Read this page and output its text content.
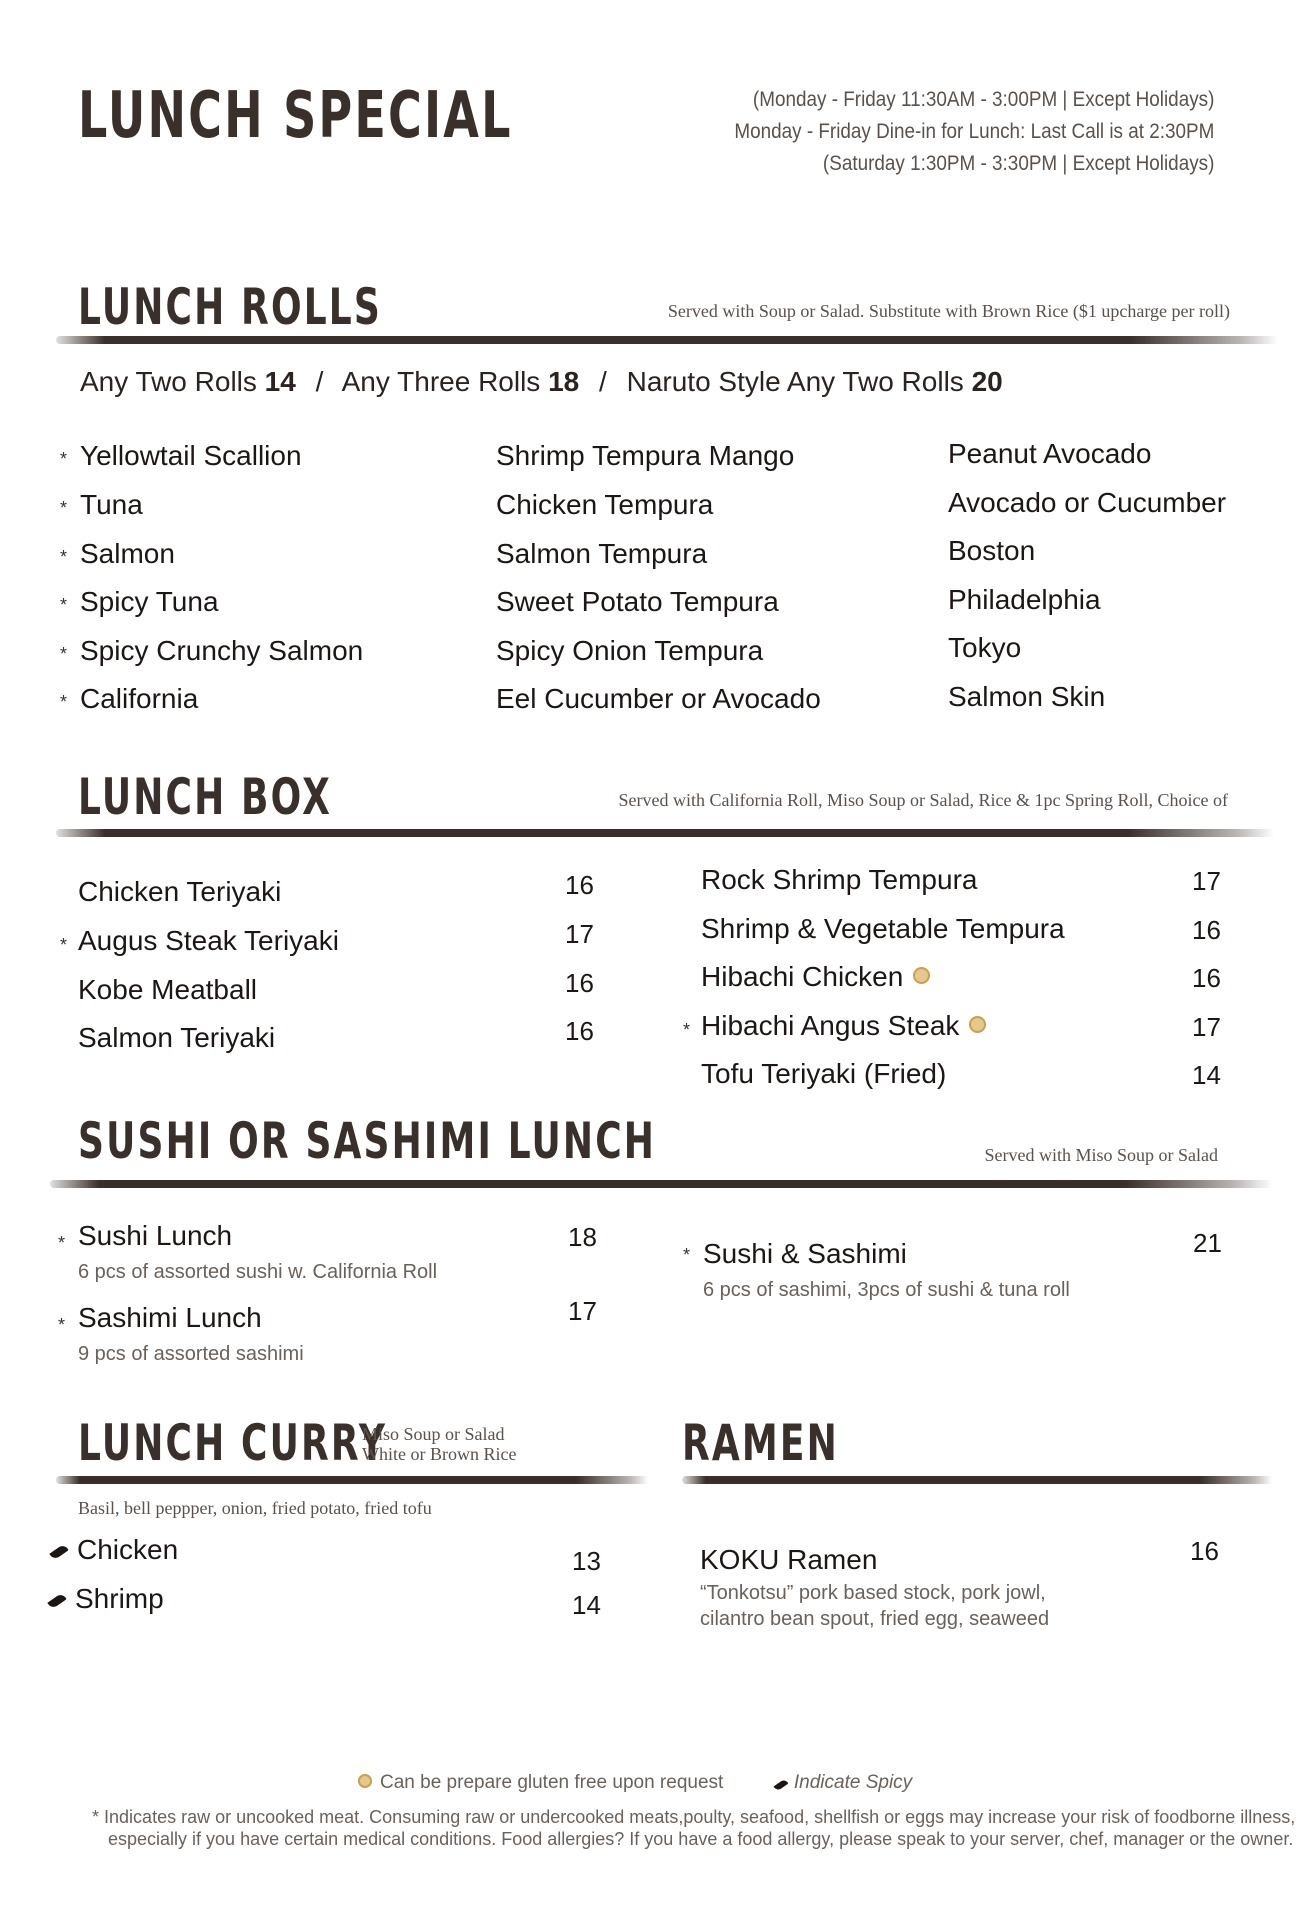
LUNCH SPECIAL	(Monday - Friday 11:30AM - 3:00PM | Except Holidays)
Monday - Friday Dine-in for Lunch: Last Call is at 2:30PM
(Saturday 1:30PM - 3:30PM | Except Holidays)
LUNCH ROLLS	Served with Soup or Salad. Substitute with Brown Rice ($1 upcharge per roll)
Any Two Rolls 14 / Any Three Rolls 18 / Naruto Style Any Two Rolls 20
* Yellowtail Scallion
* Tuna
* Salmon
* Spicy Tuna
* Spicy Crunchy Salmon
* California
Shrimp Tempura Mango
Chicken Tempura
Salmon Tempura
Sweet Potato Tempura
Spicy Onion Tempura
Eel Cucumber or Avocado
Peanut Avocado
Avocado or Cucumber
Boston
Philadelphia
Tokyo
Salmon Skin
LUNCH BOX	Served with California Roll, Miso Soup or Salad, Rice & 1pc Spring Roll, Choice of
Chicken Teriyaki	16
* Augus Steak Teriyaki	17
Kobe Meatball	16
Salmon Teriyaki	16
Rock Shrimp Tempura	17
Shrimp & Vegetable Tempura	16
Hibachi Chicken	16
* Hibachi Angus Steak	17
Tofu Teriyaki (Fried)	14
SUSHI OR SASHIMI LUNCH	Served with Miso Soup or Salad
* Sushi Lunch	18
6 pcs of assorted sushi w. California Roll
* Sashimi Lunch	17
9 pcs of assorted sashimi
* Sushi & Sashimi	21
6 pcs of sashimi, 3pcs of sushi & tuna roll
LUNCH CURRY
Miso Soup or Salad
White or Brown Rice
Basil, bell peppper, onion, fried potato, fried tofu
Chicken	13
Shrimp	14
RAMEN
KOKU Ramen	16
“Tonkotsu” pork based stock, pork jowl,
cilantro bean spout, fried egg, seaweed
Can be prepare gluten free upon request	Indicate Spicy
* Indicates raw or uncooked meat. Consuming raw or undercooked meats,poulty, seafood, shellfish or eggs may increase your risk of foodborne illness,
especially if you have certain medical conditions. Food allergies? If you have a food allergy, please speak to your server, chef, manager or the owner.
